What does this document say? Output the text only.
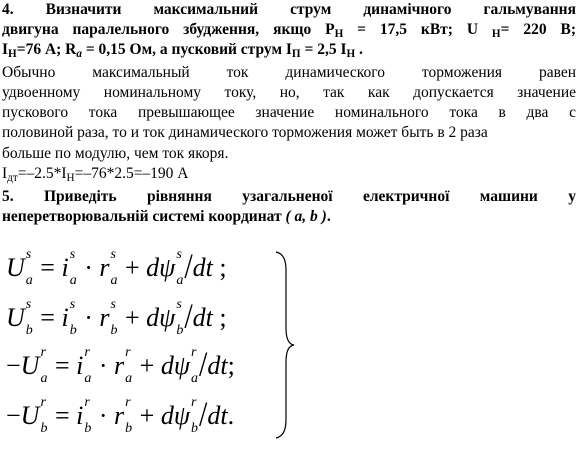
4. Визначити максимальний струм динамічного гальмування
двигуна паралельного збудження, якщо $P_Н = 17,5$ кВт; U $_Н$= 220 В;
$I_Н=76$ А; $R_a = 0,15$ Ом, а пусковий струм $I_П = 2,5$ $I_Н$ .
Обычно максимальный ток динамического торможения равен
удвоенному номинальному току, но, так как допускается значение
пускового тока превышающее значение номинального тока в два с
половиной раза, то и ток динамического торможения может быть в 2 раза
больше по модулю, чем ток якоря.
$I_{дт}=-2.5*I_Н=-76*2.5=-190$ А
5. Приведіть рівняння узагальненої електричної машини у
неперетворювальній системі координат ( a, b ).
U s
a = i s
a · r s
a + dψ s
a /dt ;
U s
b = i s
b · r s
b + dψ s
b /dt ;
−U r
a = i r
a · r r
a + dψ r
a /dt;
−U r
b = i r
b · r r
b + dψ r
b /dt.
